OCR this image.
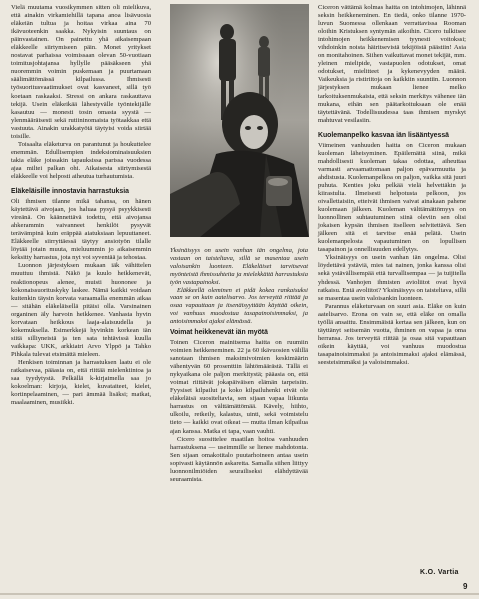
Vielä muutama vuosikymmen sitten oli mielikuva, että ainakin virkamiehillä tapana anoa lisävuosia eläkeiän tultua ja hoitaa virkaa aina 70 ikävuoteenkin saakka. Nykyisin suuntaus on päinvastainen. On painettu yhä aikaisempaan eläkkeelle siirtymiseen päin. Monet yritykset nostavat parhaissa voimissaan olevan 50-vuotiaan toimitusjohtajansa hyllylle pääsäkseen yhä nuoremmin voimin puskemaan ja puurtamaan säälimättömässä kilpailussa. Ihmisesti työsuoritusvaatimukset ovat kasvaneet, sillä työ koetaan raskaaksi. Stressi on ankara raskauttava tekijä. Usein eläkeikää lähestyvälle työntekijälle kasautuu — monesti tosin omasta syystä — ylenmääräisesti sekä rutiininomaista työtaakkaa että vastuuta. Ainakin urakkatyötä täytyisi voida siirtää toisille.

Toisaalta eläketurva on parantunut ja houkuttelee enemmän. Edullisempien indeksiominaisuuksien takia eläke joissakin tapauksissa parissa vuodessa ajaa miltei palkan ohi. Aikaisesta siirtymisestä eläkkeelle voi helposti aiheutua turhautumista.

Eläkeläisille innostavia harrastuksia

Oli ihmisen tilanne mikä tahansa, on hänen käytettävä aivojaan, jos haluaa pysyä psyykkisesti vireänä. On käännettävä todettu, että aivojansa ahkerammin vaivanneet henkilöt pysyvät terävämpinä kuin eräppää aiatuksiaan lepuuttaneet. Eläkkeelle siirryttäessä täytyy ansiotyön tilalle löytää jotain muuta, mieluummin jo aikaisemmin keksitty harrastus, jota nyt voi syventää ja tehostaa.

Luonnon järjestyksen mukaan iäk vähittelen muuttuu ihmistä. Näkö ja kuulo heikkenevät, reaktionopeus alenee, muisti huononee ja kokonaissuorituskyky laskee. Nämä kaikki voidaan kuitenkin täysin korvata varaamalla enemmän aikaa — sitähän eläkeläisellä pitäisi olla. Varsinainen organinen äly harvoin heikkenee. Vanhasta hyvin korvataan heikkous laaja-alaisuudella ja kokemuksella. Esimerkkejä hyvinkin korkean iän siitä silliyneistä ja ten sata tehtävissä kuulla vaikkapa: UKK, arkkiatri Arvo Ylppö ja Tahko Pihkala tulevat etsimättä mieleen.

Henkisen toiminnan ja harrastuksen laatu ei ole ratkaisevaa, pääasia on, että riittää mielenkiintoa ja saa tyydytystä. Pelkällä k-kirjaimella saa jo kokoelman: kirjoja, kielet, kuvataiteet, kielet, kortinpelaaminen, — pari ämmää lisäksi; matkat, maalaaminen, musiikki.

Yksinäisyys on usein vanhan iän ongelma, jota vastaan on taisteltava, sillä se masentaa usein valoisankin luonteen. Eläkeläiset tarvitsevat myönteistä ihmissuhteita ja mielekkäitä harrastuksia työn vastapainoksi.

Eläkkeellä oleminen ei pidä kokea rankaisuksi vaan se on kuin aatelisarvo. Jos terveyttä riittää ja osaa vapauttaan ja itsenäisyyttään käyttää oikein, voi vanhuus muodostua tasapainoisimmaksi, ja antoisimmaksi ajaksi elämässä.

Voimat heikkenevät iän myötä

Toinen Ciceron mainitsema haitta on ruumiin voimien heikkeneminen. 22 ja 60 ikävuosien välillä sanotaan ihmisen maksimivoimien keskimäärin vähentyvän 60 prosenttiin lähtömäärästä. Tällä ei nykyaikana ole paljon merkitystä; pääasia on, että voimat riittävät jokapäiväisen elämän tarpeisiin. Fyysiset kilpailut ja koko kilpailuhenki eivät ole eläkeläisä suositeltavia, sen sijaan vapaa liikunta harrastus on välttämättömää. Kävely, hiihto, ulkoilu, retkeily, kalastus, uinti, sekä voimistelu tieto — kaikki ovat oikeat — mutta ilman kilpailua ajan kanssa. Matka ei tapa, vaan vauhti.

Cicero suosittelee maatilan hoitoa vanhuuden harrastuksena — useimmille se lienee mahdotonta. Sen sijaan omakotitalo puutarhoineen antaa usein sopivasti käytännön askaretta. Samalla siihen liittyy luonnonilmiöiden seurailiseksi elähdyttävää seuraamista.

Ciceron vättämä kolmas haitta on intohimojen, lähinnä seksin heikkeneminen. En tiedä, onko tilanne 1970-luvun Suomessa ollenkaan verrattavissa Rooman oloihin Kristuksen syntymän aikoihin. Cicero tulkitsee intohimojen heikkenemisen tyynesti voitokssi; vihdoinkin noista häiritsevistä tekijöistä päästiin! Asia on monitahoinen. Siihen vaikuttavat monet tekijät, mm. yleinen mielipide, vastapuolen odotukset, omat odotukset, mielitteet ja kykenevyyden määrä. Vaikeuksia ja ristiriitoja on kaikkiin suuntiin. Luonnon järjestyksen mukaan lienee melko tarkoituksenmukaista, että seksin merkitys vähenee iän mukana, eihän sen päätarkoituksaan ole enää täytettävänä. Todellisuudessa taas ihmisen myrskyt mahtuvat vesilasiin.

Kuolemanpelko kasvaa iän lisääntyessä

Viimeinen vanhuuden haitta on Ciceron mukaan kuoleman läheisyminen. Epäilemättä siinä, mikä mahdollisesti kuoleman takaa odottaa, aiheuttaa varmasti arvaamattomaan paljon epävarmuutta ja ahdistusta. Kuolemanpelkoa on paljon, vaikka sitä juuri puhuta. Kenties joku pelkää vielä helvettäkin ja kiirastulta. Ilmeisesti helpotusta pelkoon, jos oivallettaisiin, etteivät ihmisen vaivat ainakaan pahene kuolemaan jälkeen. Kuoleman välttämättömyys on luonnollinen suhtautuminen siinä oleviin sen olisi jokaisen kypsän ihmisen itselleen selvitettävä. Sen jälkeen sitä ei tarvitse enää pelätä. Usein kuolemanpelosta vapautuminen on lopullisen tasapainon ja onnellisuuden edellytys.

Yksinäisyys on usein vanhan iän ongelma. Olisi löydettävä ystäviä, mies tai nainen, jonka kanssa olisi sekä ystävällisempää että turvallisempaa — ja tuijitella yhdessä. Vanhojen ihmisten avioliitot ovat hyvä ratkaisu. Entä avoliitot? Yksinäisyys on taisteltava, sillä se masentaa usein valoisankin luonteen.

Parannus eläketurvaan on suuri asia. Eläke on kuin aatelisarvo. Erona on vain se, että eläke on omalla työllä ansaittu. Ensimmäistä kertaa sen jälkeen, kun on täyttänyt seitsemän vuotta, ihminen on vapaa ja oma herransa. Jos terveyttä riittää ja osaa sitä vapauttaan oikein käyttää, voi vanhuus muodostua tasapainoisimmaksi ja antoisimmaksi ajaksi elämässä, seesteisimmäksi ja valoisimmaksi.

K.O. Vartia
9
